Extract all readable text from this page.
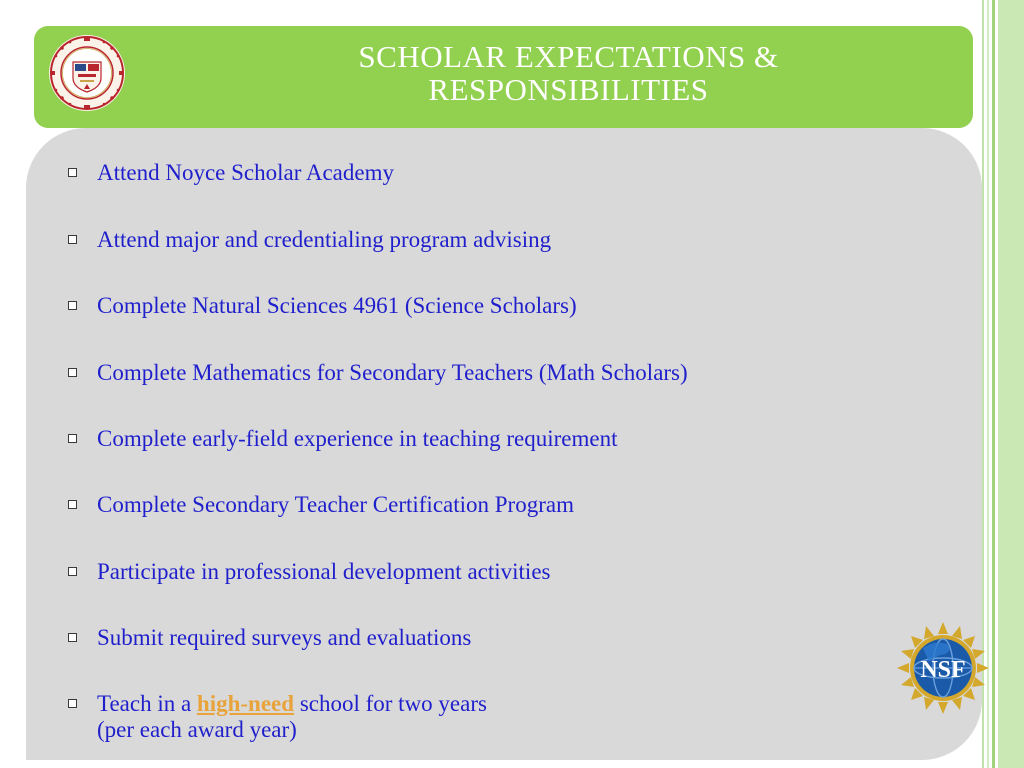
SCHOLAR EXPECTATIONS &
RESPONSIBILITIES
Attend Noyce Scholar Academy
Attend major and credentialing program advising
Complete Natural Sciences 4961 (Science Scholars)
Complete Mathematics for Secondary Teachers (Math Scholars)
Complete early-field experience in teaching requirement
Complete Secondary Teacher Certification Program
Participate in professional development activities
Submit required surveys and evaluations
Teach in a high-need school for two years
(per each award year)
NSF
